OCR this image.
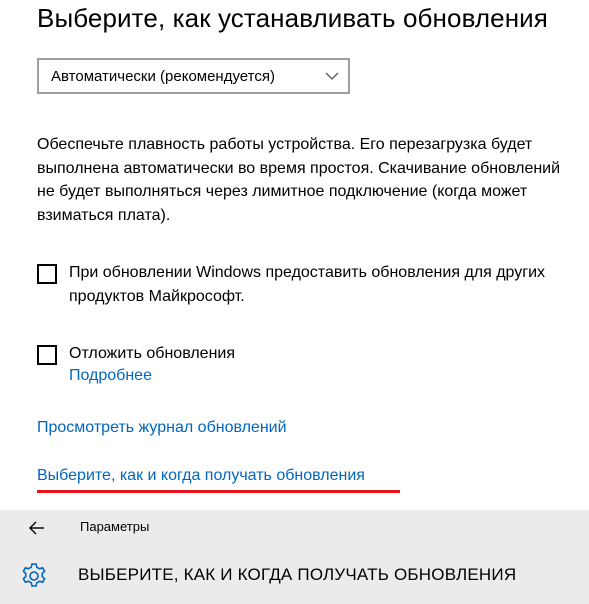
Выберите, как устанавливать обновления
Автоматически (рекомендуется)

Обеспечьте плавность работы устройства. Его перезагрузка будет выполнена автоматически во время простоя. Скачивание обновлений не будет выполняться через лимитное подключение (когда может взиматься плата).

При обновлении Windows предоставить обновления для других продуктов Майкрософт.
Отложить обновления
Подробнее
Просмотреть журнал обновлений
Выберите, как и когда получать обновления
Параметры
ВЫБЕРИТЕ, КАК И КОГДА ПОЛУЧАТЬ ОБНОВЛЕНИЯ
